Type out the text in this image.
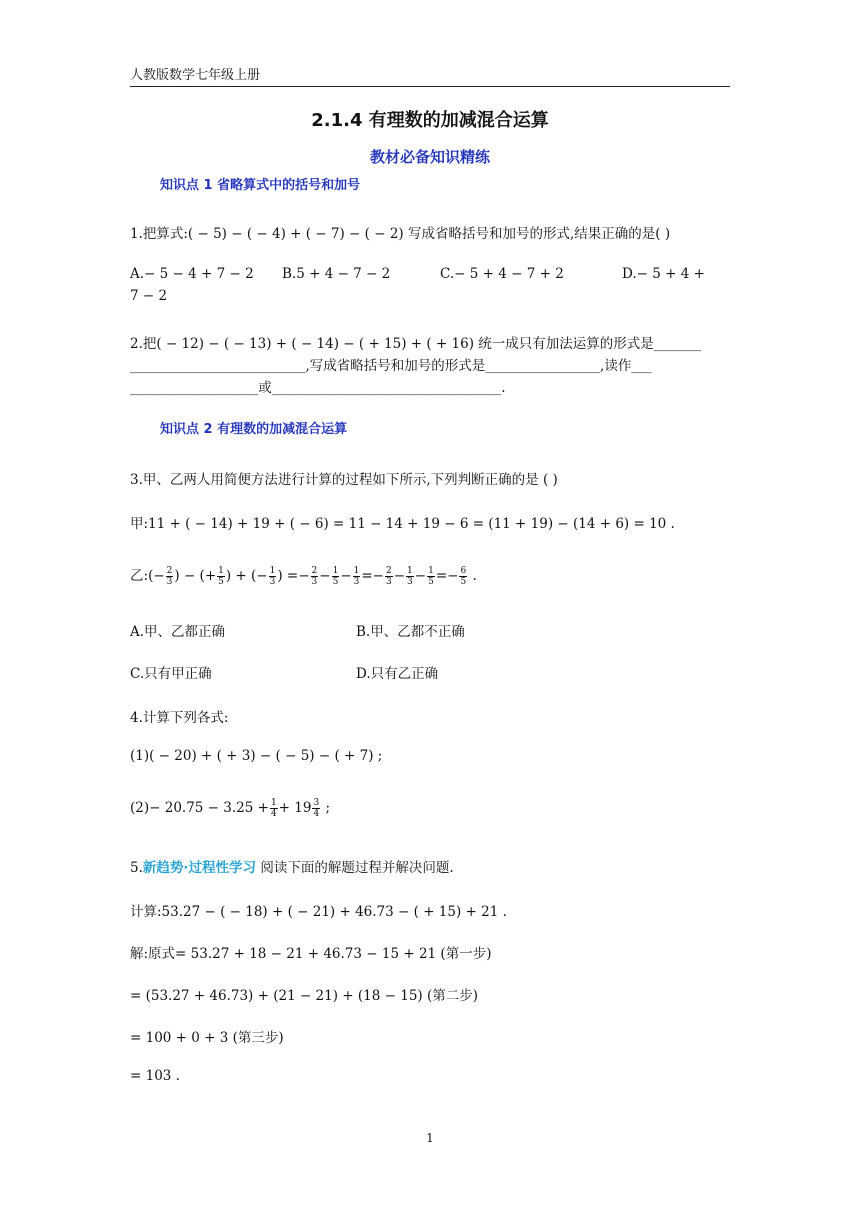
人教版数学七年级上册
2.1.4 有理数的加减混合运算
教材必备知识精练
知识点 1 省略算式中的括号和加号
1.把算式:( − 5) − ( − 4) + ( − 7) − ( − 2) 写成省略括号和加号的形式,结果正确的是( )
A.− 5 − 4 + 7 − 2 B.5 + 4 − 7 − 2	C.− 5 + 4 − 7 + 2	D.− 5 + 4 +
7 − 2
2.把( − 12) − ( − 13) + ( − 14) − ( + 15) + ( + 16) 统一成只有加法运算的形式是_______
__________________________,写成省略括号和加号的形式是_________________,读作___
___________________或__________________________________.
知识点 2 有理数的加减混合运算
3.甲、乙两人用简便方法进行计算的过程如下所示,下列判断正确的是 ( )
甲:11 + ( − 14) + 19 + ( − 6) = 11 − 14 + 19 − 6 = (11 + 19) − (14 + 6) = 10 .
乙:(− $\frac{2}{3}$ ) − (+ $\frac{1}{5}$ ) + (− $\frac{1}{3}$ ) =− $\frac{2}{3} - \frac{1}{5} - \frac{1}{3} =- \frac{2}{3} - \frac{1}{3} - \frac{1}{5} =- \frac{6}{5}$ .
A.甲、乙都正确	B.甲、乙都不正确
C.只有甲正确	D.只有乙正确
4.计算下列各式:
(1)( − 20) + ( + 3) − ( − 5) − ( + 7) ;
$(2)- 20.75 - 3.25 + \frac{1}{4} + 19 \frac{3}{4}$ ;
5.新趋势·过程性学习 阅读下面的解题过程并解决问题.
计算:53.27 − ( − 18) + ( − 21) + 46.73 − ( + 15) + 21 .
解:原式= 53.27 + 18 − 21 + 46.73 − 15 + 21 (第一步)
= (53.27 + 46.73) + (21 − 21) + (18 − 15) (第二步)
= 100 + 0 + 3 (第三步)
= 103 .
1
